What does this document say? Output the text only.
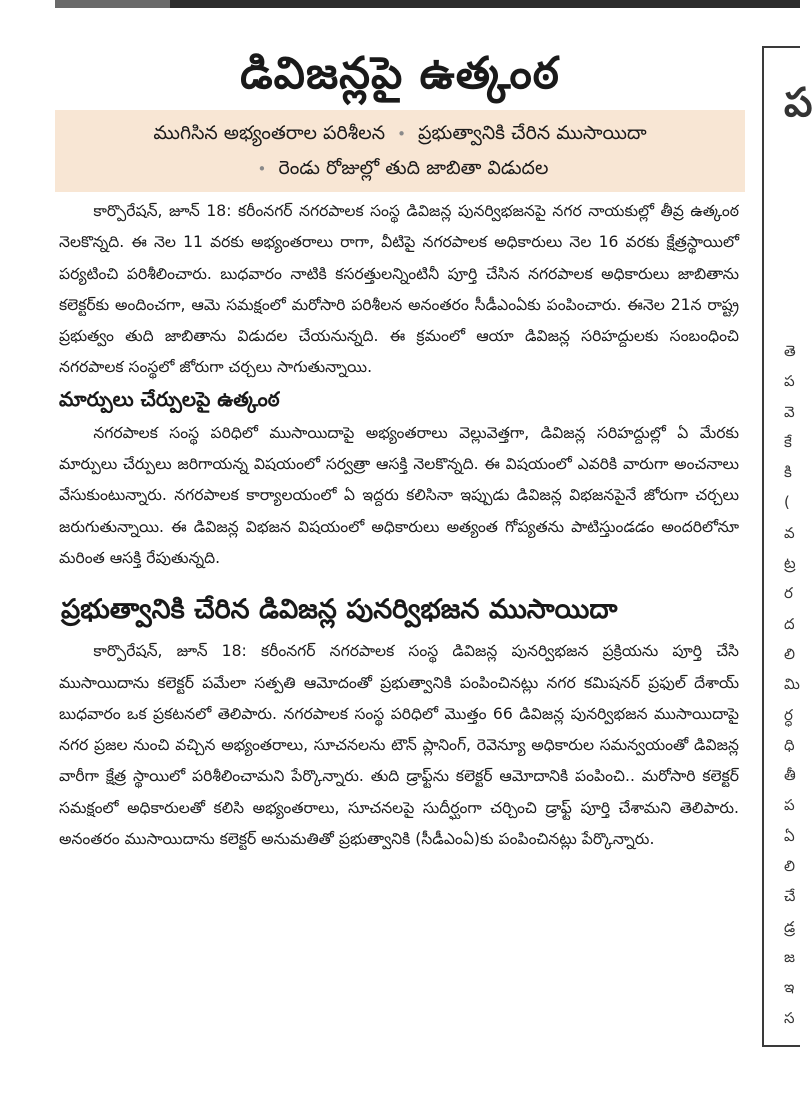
డివిజన్లపై ఉత్కంఠ
ముగిసిన అభ్యంతరాల పరిశీలన • ప్రభుత్వానికి చేరిన ముసాయిదా
• రెండు రోజుల్లో తుది జాబితా విడుదల

కార్పొరేషన్‌, జూన్‌ 18: కరీంనగర్‌ నగరపాలక సంస్థ డివిజన్ల పునర్విభజనపై నగర నాయకుల్లో తీవ్ర ఉత్కంఠ నెలకొన్నది. ఈ నెల 11 వరకు అభ్యంతరాలు రాగా, వీటిపై నగరపాలక అధికారులు నెల 16 వరకు క్షేత్రస్థాయిలో పర్యటించి పరిశీలించారు. బుధవారం నాటికి కసరత్తులన్నింటినీ పూర్తి చేసిన నగరపాలక అధికారులు జాబితాను కలెక్టర్‌కు అందించగా, ఆమె సమక్షంలో మరోసారి పరిశీలన అనంతరం సీడీఎంఏకు పంపించారు. ఈనెల 21న రాష్ట్ర ప్రభుత్వం తుది జాబితాను విడుదల చేయనున్నది. ఈ క్రమంలో ఆయా డివిజన్ల సరిహద్దులకు సంబంధించి నగరపాలక సంస్థలో జోరుగా చర్చలు సాగుతున్నాయి.

మార్పులు చేర్పులపై ఉత్కంఠ

నగరపాలక సంస్థ పరిధిలో ముసాయిదాపై అభ్యంతరాలు వెల్లువెత్తగా, డివిజన్ల సరిహద్దుల్లో ఏ మేరకు మార్పులు చేర్పులు జరిగాయన్న విషయంలో సర్వత్రా ఆసక్తి నెలకొన్నది. ఈ విషయంలో ఎవరికి వారుగా అంచనాలు వేసుకుంటున్నారు. నగరపాలక కార్యాలయంలో ఏ ఇద్దరు కలిసినా ఇప్పుడు డివిజన్ల విభజనపైనే జోరుగా చర్చలు జరుగుతున్నాయి. ఈ డివిజన్ల విభజన విషయంలో అధికారులు అత్యంత గోప్యతను పాటిస్తుండడం అందరిలోనూ మరింత ఆసక్తి రేపుతున్నది.

ప్రభుత్వానికి చేరిన డివిజన్ల పునర్విభజన ముసాయిదా

కార్పొరేషన్‌, జూన్‌ 18: కరీంనగర్‌ నగరపాలక సంస్థ డివిజన్ల పునర్విభజన ప్రక్రియను పూర్తి చేసి ముసాయిదాను కలెక్టర్‌ పమేలా సత్పతి ఆమోదంతో ప్రభుత్వానికి పంపించినట్లు నగర కమిషనర్‌ ప్రఫుల్‌ దేశాయ్‌ బుధవారం ఒక ప్రకటనలో తెలిపారు. నగరపాలక సంస్థ పరిధిలో మొత్తం 66 డివిజన్ల పునర్విభజన ముసాయిదాపై నగర ప్రజల నుంచి వచ్చిన అభ్యంతరాలు, సూచనలను టౌన్‌ ప్లానింగ్‌, రెవెన్యూ అధికారుల సమన్వయంతో డివిజన్ల వారీగా క్షేత్ర స్థాయిలో పరిశీలించామని పేర్కొన్నారు. తుది డ్రాఫ్ట్‌ను కలెక్టర్‌ ఆమోదానికి పంపించి.. మరోసారి కలెక్టర్‌ సమక్షంలో అధికారులతో కలిసి అభ్యంతరాలు, సూచనలపై సుదీర్ఘంగా చర్చించి డ్రాఫ్ట్‌ పూర్తి చేశామని తెలిపారు. అనంతరం ముసాయిదాను కలెక్టర్‌ అనుమతితో ప్రభుత్వానికి (సీడీఎంఏ)కు పంపించినట్లు పేర్కొన్నారు.

ప
తె ప వె కే కి ( వ ట్ర ర ద లి మి ర్ధ ధి తీ ప ఏ లి చే డ్ర జ ఇ స
